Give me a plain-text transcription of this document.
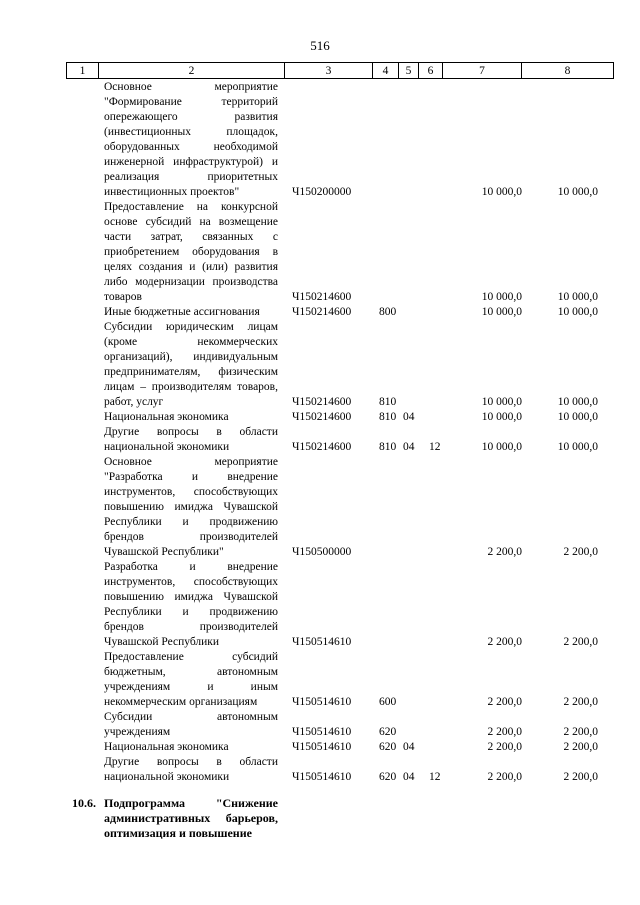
516
1	2	3	4	5	6	7	8
Основное мероприятие "Формирование территорий опережающего развития (инвестиционных площадок, оборудованных необходимой инженерной инфраструктурой) и реализация приоритетных инвестиционных проектов"	Ч150200000	10 000,0	10 000,0
Предоставление на конкурсной основе субсидий на возмещение части затрат, связанных с приобретением оборудования в целях создания и (или) развития либо модернизации производства товаров	Ч150214600	10 000,0	10 000,0
Иные бюджетные ассигнования	Ч150214600 800	10 000,0	10 000,0
Субсидии юридическим лицам (кроме некоммерческих организаций), индивидуальным предпринимателям, физическим лицам – производителям товаров, работ, услуг	Ч150214600 810	10 000,0	10 000,0
Национальная экономика	Ч150214600 810 04	10 000,0	10 000,0
Другие вопросы в области национальной экономики	Ч150214600 810 04 12	10 000,0	10 000,0
Основное мероприятие "Разработка и внедрение инструментов, способствующих повышению имиджа Чувашской Республики и продвижению брендов производителей Чувашской Республики"	Ч150500000	2 200,0	2 200,0
Разработка и внедрение инструментов, способствующих повышению имиджа Чувашской Республики и продвижению брендов производителей Чувашской Республики	Ч150514610	2 200,0	2 200,0
Предоставление субсидий бюджетным, автономным учреждениям и иным некоммерческим организациям	Ч150514610 600	2 200,0	2 200,0
Субсидии автономным учреждениям	Ч150514610 620	2 200,0	2 200,0
Национальная экономика	Ч150514610 620 04	2 200,0	2 200,0
Другие вопросы в области национальной экономики	Ч150514610 620 04 12	2 200,0	2 200,0
10.6. Подпрограмма "Снижение административных барьеров, оптимизация и повышение
